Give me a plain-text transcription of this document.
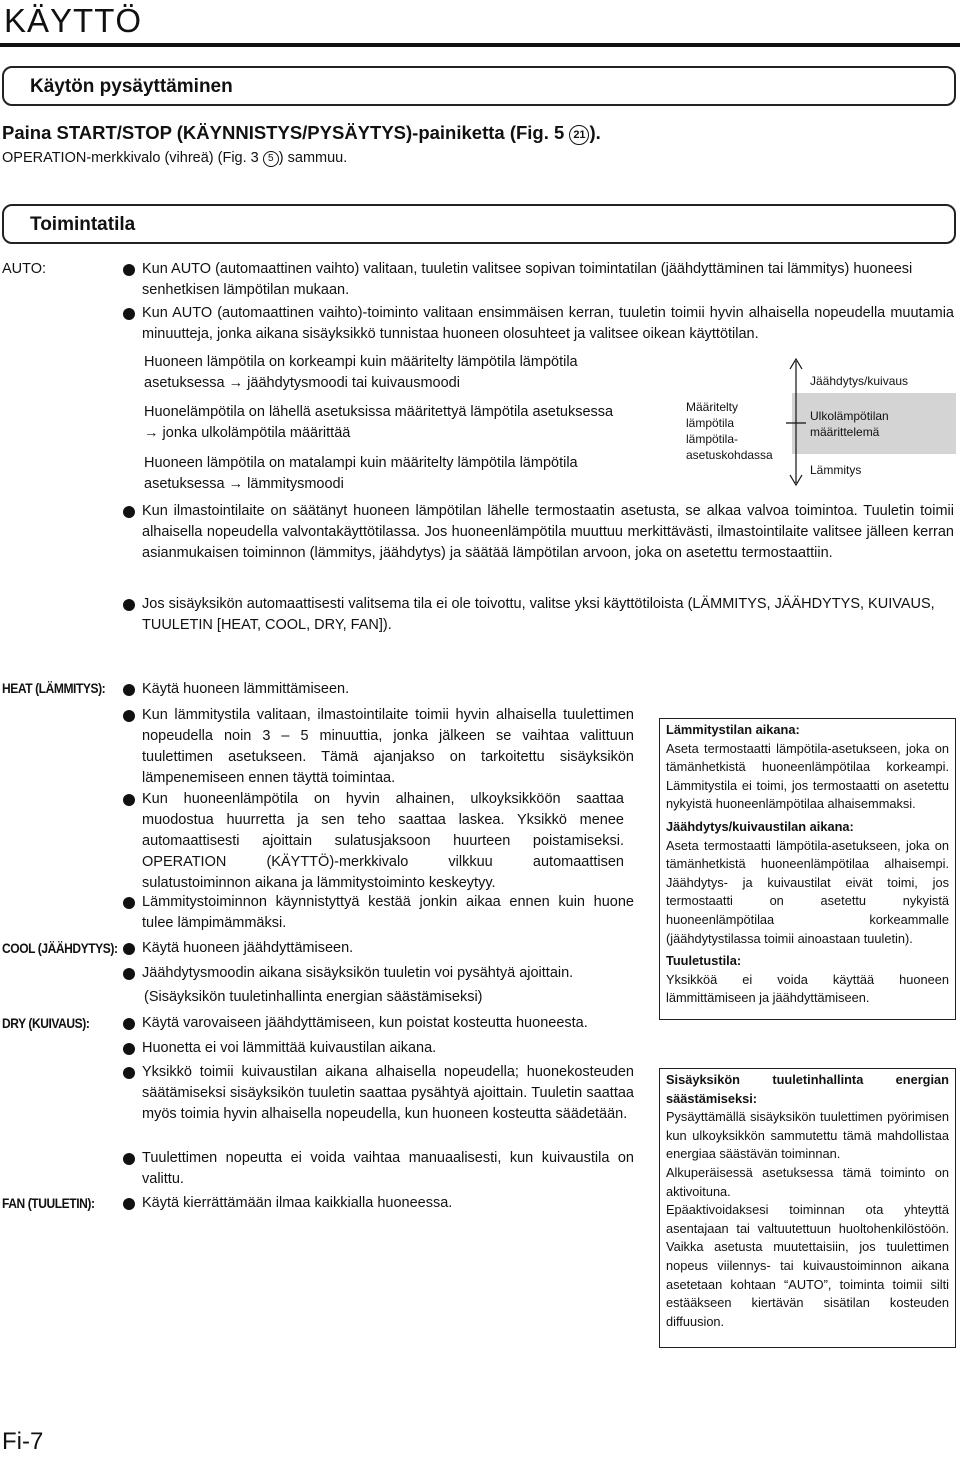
KÄYTTÖ
Käytön pysäyttäminen
Paina START/STOP (KÄYNNISTYS/PYSÄYTYS)-painiketta (Fig. 5 21 ).
OPERATION-merkkivalo (vihreä) (Fig. 3 5 ) sammuu.
Toimintatila
AUTO:	Kun AUTO (automaattinen vaihto) valitaan, tuuletin valitsee sopivan toimintatilan (jäähdyttäminen tai lämmitys) huoneesi senhetkisen lämpötilan mukaan.
Kun AUTO (automaattinen vaihto)-toiminto valitaan ensimmäisen kerran, tuuletin toimii hyvin alhaisella nopeudella muutamia minuutteja, jonka aikana sisäyksikkö tunnistaa huoneen olosuhteet ja valitsee oikean käyttötilan.
Huoneen lämpötila on korkeampi kuin määritelty lämpötila lämpötila asetuksessa → jäähdytysmoodi tai kuivausmoodi
Huonelämpötila on lähellä asetuksissa määritettyä lämpötila asetuksessa → jonka ulkolämpötila määrittää
Huoneen lämpötila on matalampi kuin määritelty lämpötila lämpötila asetuksessa → lämmitysmoodi
Määritelty lämpötila lämpötila-asetuskohdassa
Jäähdytys/kuivaus
Ulkolämpötilan määrittelemä
Lämmitys
Kun ilmastointilaite on säätänyt huoneen lämpötilan lähelle termostaatin asetusta, se alkaa valvoa toimintoa. Tuuletin toimii alhaisella nopeudella valvontakäyttötilassa. Jos huoneenlämpötila muuttuu merkittävästi, ilmastointilaite valitsee jälleen kerran asianmukaisen toiminnon (lämmitys, jäähdytys) ja säätää lämpötilan arvoon, joka on asetettu termostaattiin.
Jos sisäyksikön automaattisesti valitsema tila ei ole toivottu, valitse yksi käyttötiloista (LÄMMITYS, JÄÄHDYTYS, KUIVAUS, TUULETIN [HEAT, COOL, DRY, FAN]).
HEAT (LÄMMITYS):	Käytä huoneen lämmittämiseen.
Kun lämmitystila valitaan, ilmastointilaite toimii hyvin alhaisella tuulettimen nopeudella noin 3 – 5 minuuttia, jonka jälkeen se vaihtaa valittuun tuulettimen asetukseen. Tämä ajanjakso on tarkoitettu sisäyksikön lämpenemiseen ennen täyttä toimintaa.
Kun huoneenlämpötila on hyvin alhainen, ulkoyksikköön saattaa muodostua huurretta ja sen teho saattaa laskea. Yksikkö menee automaattisesti ajoittain sulatusjaksoon huurteen poistamiseksi. OPERATION (KÄYTTÖ)-merkkivalo vilkkuu automaattisen sulatustoiminnon aikana ja lämmitystoiminto keskeytyy.
Lämmitystoiminnon käynnistyttyä kestää jonkin aikaa ennen kuin huone tulee lämpimämmäksi.
COOL (JÄÄHDYTYS): Käytä huoneen jäähdyttämiseen.
Jäähdytysmoodin aikana sisäyksikön tuuletin voi pysähtyä ajoittain.
(Sisäyksikön tuuletinhallinta energian säästämiseksi)
DRY (KUIVAUS):	Käytä varovaiseen jäähdyttämiseen, kun poistat kosteutta huoneesta.
Huonetta ei voi lämmittää kuivaustilan aikana.
Yksikkö toimii kuivaustilan aikana alhaisella nopeudella; huonekosteuden säätämiseksi sisäyksikön tuuletin saattaa pysähtyä ajoittain. Tuuletin saattaa myös toimia hyvin alhaisella nopeudella, kun huoneen kosteutta säädetään.
Tuulettimen nopeutta ei voida vaihtaa manuaalisesti, kun kuivaustila on valittu.
FAN (TUULETIN):	Käytä kierrättämään ilmaa kaikkialla huoneessa.
Lämmitystilan aikana:
Aseta termostaatti lämpötila-asetukseen, joka on tämänhetkistä huoneenlämpötilaa korkeampi. Lämmitystila ei toimi, jos termostaatti on asetettu nykyistä huoneenlämpötilaa alhaisemmaksi.
Jäähdytys/kuivaustilan aikana:
Aseta termostaatti lämpötila-asetukseen, joka on tämänhetkistä huoneenlämpötilaa alhaisempi. Jäähdytys- ja kuivaustilat eivät toimi, jos termostaatti on asetettu nykyistä huoneenlämpötilaa korkeammalle (jäähdytystilassa toimii ainoastaan tuuletin).
Tuuletustila:
Yksikköä ei voida käyttää huoneen lämmittämiseen ja jäähdyttämiseen.
Sisäyksikön tuuletinhallinta energian säästämiseksi:
Pysäyttämällä sisäyksikön tuulettimen pyörimisen kun ulkoyksikkön sammutettu tämä mahdollistaa energiaa säästävän toiminnan.
Alkuperäisessä asetuksessa tämä toiminto on aktivoituna.
Epäaktivoidaksesi toiminnan ota yhteyttä asentajaan tai valtuutettuun huoltohenkilöstöön. Vaikka asetusta muutettaisiin, jos tuulettimen nopeus viilennys- tai kuivaustoiminnon aikana asetetaan kohtaan “AUTO”, toiminta toimii silti estääkseen kiertävän sisätilan kosteuden diffuusion.
Fi-7
